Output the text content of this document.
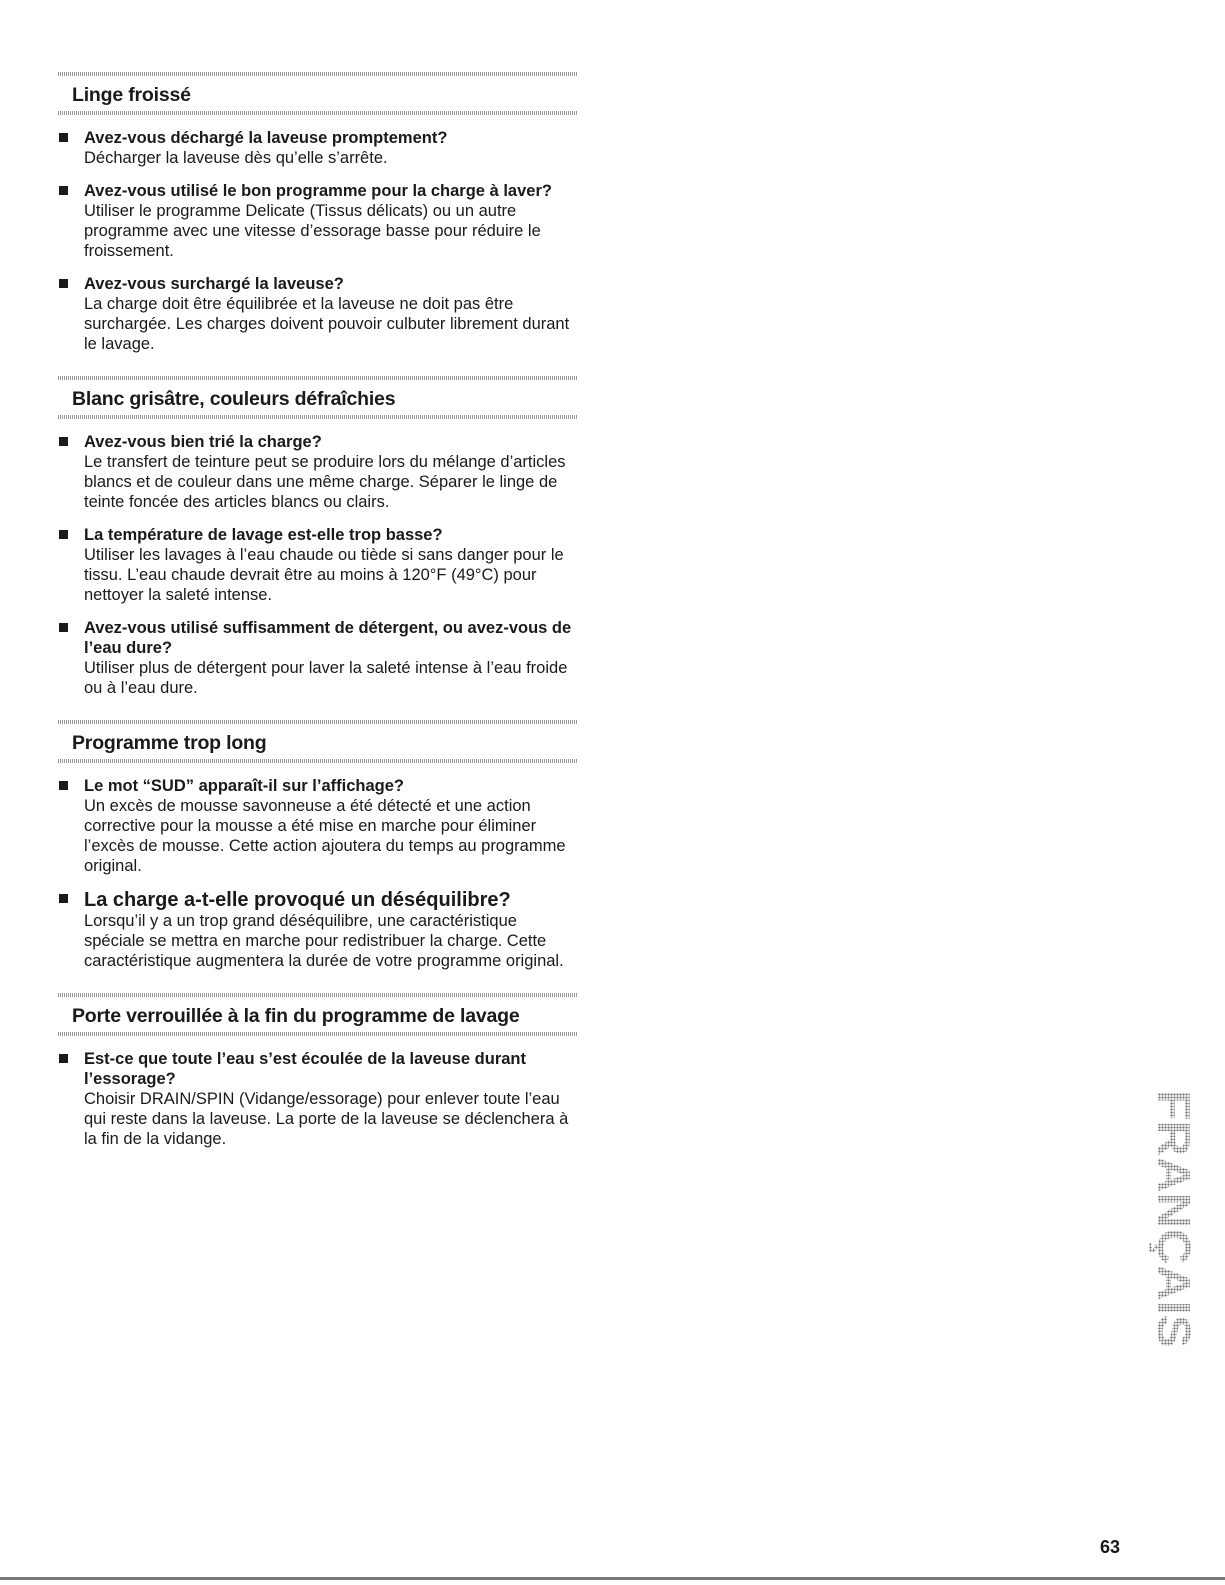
Linge froissé
Avez-vous déchargé la laveuse promptement?

Décharger la laveuse dès qu’elle s’arrête.

Avez-vous utilisé le bon programme pour la charge à laver?

Utiliser le programme Delicate (Tissus délicats) ou un autre programme avec une vitesse d’essorage basse pour réduire le froissement.

Avez-vous surchargé la laveuse?

La charge doit être équilibrée et la laveuse ne doit pas être surchargée. Les charges doivent pouvoir culbuter librement durant le lavage.

Blanc grisâtre, couleurs défraîchies
Avez-vous bien trié la charge?

Le transfert de teinture peut se produire lors du mélange d’articles blancs et de couleur dans une même charge. Séparer le linge de teinte foncée des articles blancs ou clairs.

La température de lavage est-elle trop basse?

Utiliser les lavages à l’eau chaude ou tiède si sans danger pour le tissu. L’eau chaude devrait être au moins à 120°F (49°C) pour nettoyer la saleté intense.

Avez-vous utilisé suffisamment de détergent, ou avez-vous de l’eau dure?

Utiliser plus de détergent pour laver la saleté intense à l’eau froide ou à l’eau dure.

Programme trop long
Le mot “SUD” apparaît-il sur l’affichage?

Un excès de mousse savonneuse a été détecté et une action corrective pour la mousse a été mise en marche pour éliminer l’excès de mousse. Cette action ajoutera du temps au programme original.

La charge a-t-elle provoqué un déséquilibre?

Lorsqu’il y a un trop grand déséquilibre, une caractéristique spéciale se mettra en marche pour redistribuer la charge. Cette caractéristique augmentera la durée de votre programme original.

Porte verrouillée à la fin du programme de lavage
Est-ce que toute l’eau s’est écoulée de la laveuse durant l’essorage?

Choisir DRAIN/SPIN (Vidange/essorage) pour enlever toute l’eau qui reste dans la laveuse. La porte de la laveuse se déclenchera à la fin de la vidange.	FRANÇAIS
63
